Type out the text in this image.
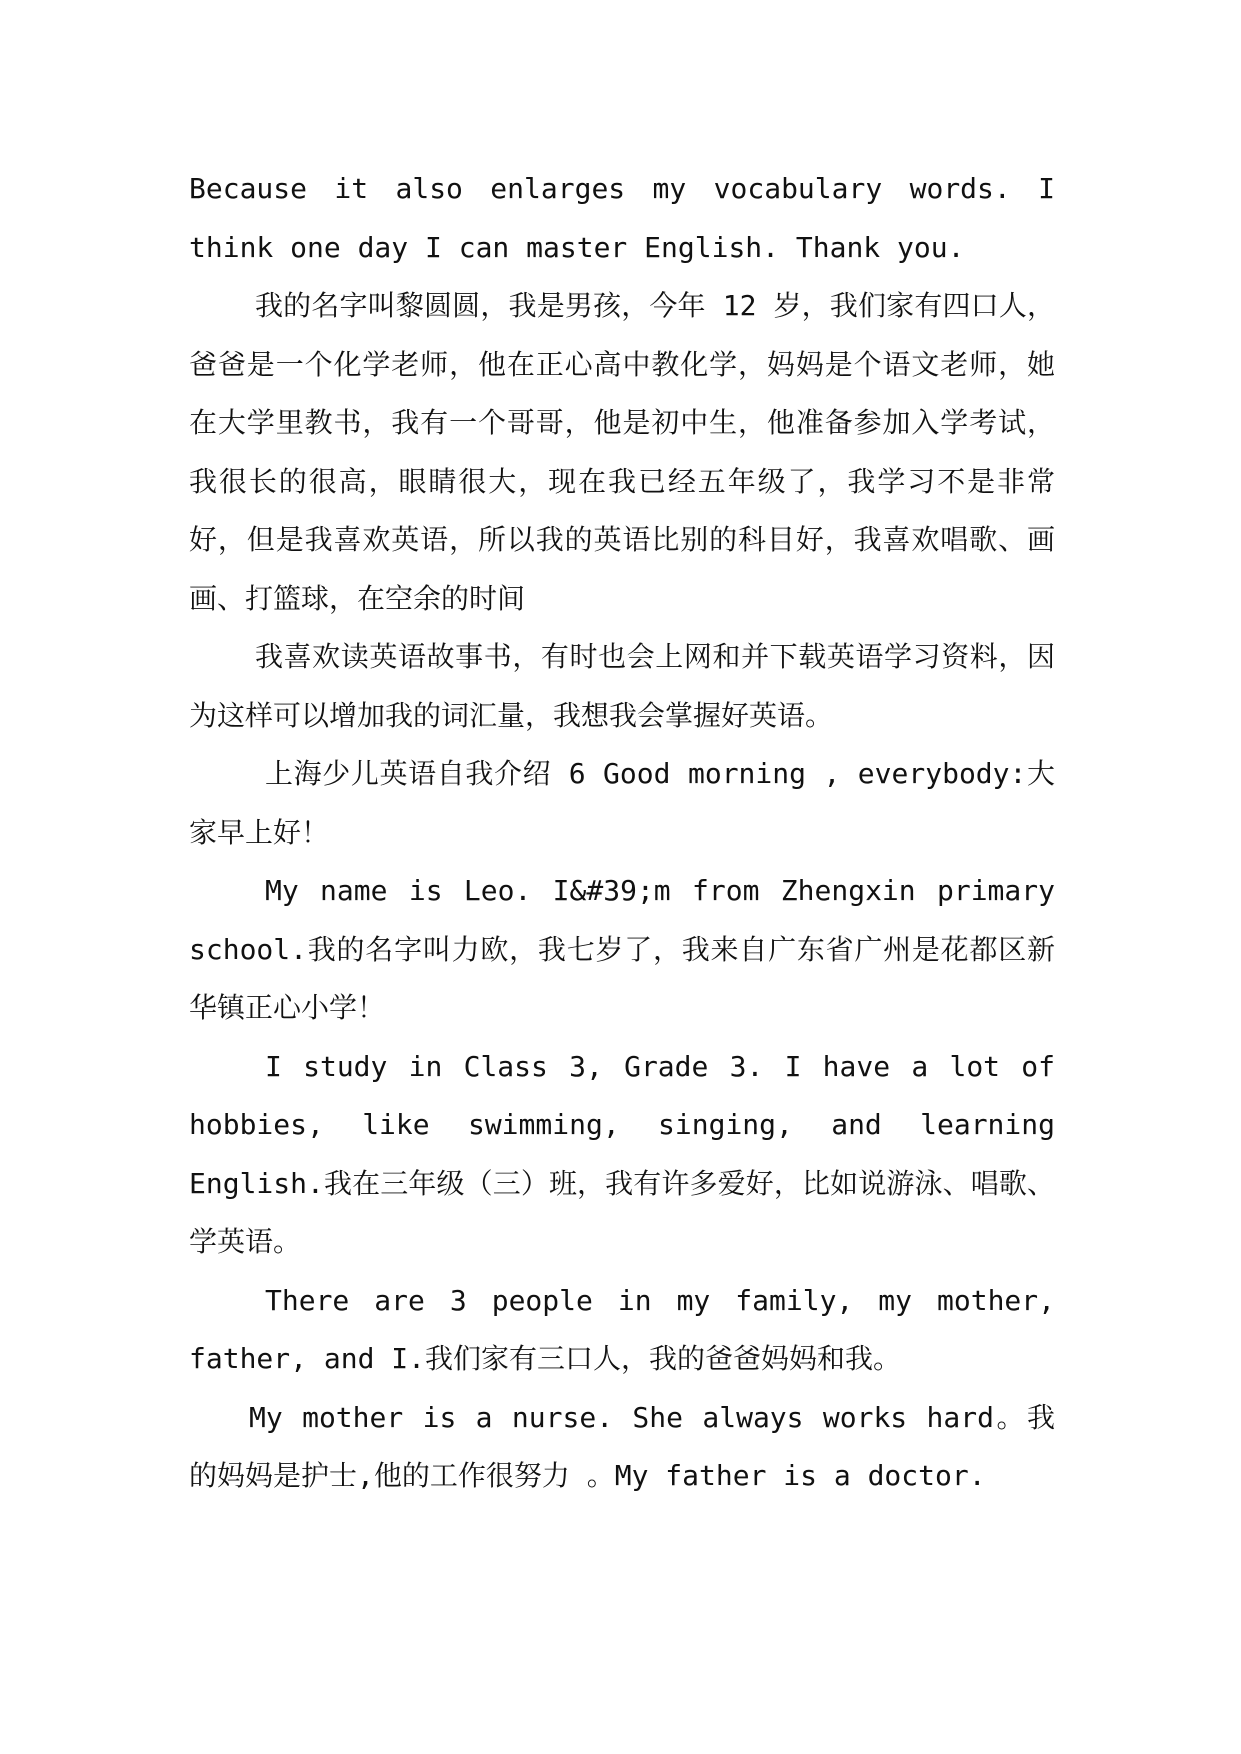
Because it also enlarges my vocabulary words. I think one day I can master English. Thank you.

我的名字叫黎圆圆，我是男孩，今年 12 岁，我们家有四口人，爸爸是一个化学老师，他在正心高中教化学，妈妈是个语文老师，她在大学里教书，我有一个哥哥，他是初中生，他准备参加入学考试，我很长的很高，眼睛很大，现在我已经五年级了，我学习不是非常好，但是我喜欢英语，所以我的英语比别的科目好，我喜欢唱歌、画画、打篮球，在空余的时间

我喜欢读英语故事书，有时也会上网和并下载英语学习资料，因为这样可以增加我的词汇量，我想我会掌握好英语。

上海少儿英语自我介绍 6 Good morning , everybody:大家早上好！

My name is Leo. I&#39;m from Zhengxin primary school.我的名字叫力欧，我七岁了，我来自广东省广州是花都区新华镇正心小学！

I study in Class 3, Grade 3. I have a lot of hobbies, like swimming, singing, and learning English.我在三年级（三）班，我有许多爱好，比如说游泳、唱歌、学英语。

There are 3 people in my family, my mother, father, and I.我们家有三口人，我的爸爸妈妈和我。

My mother is a nurse. She always works hard。我的妈妈是护士,他的工作很努力 。My father is a doctor.
